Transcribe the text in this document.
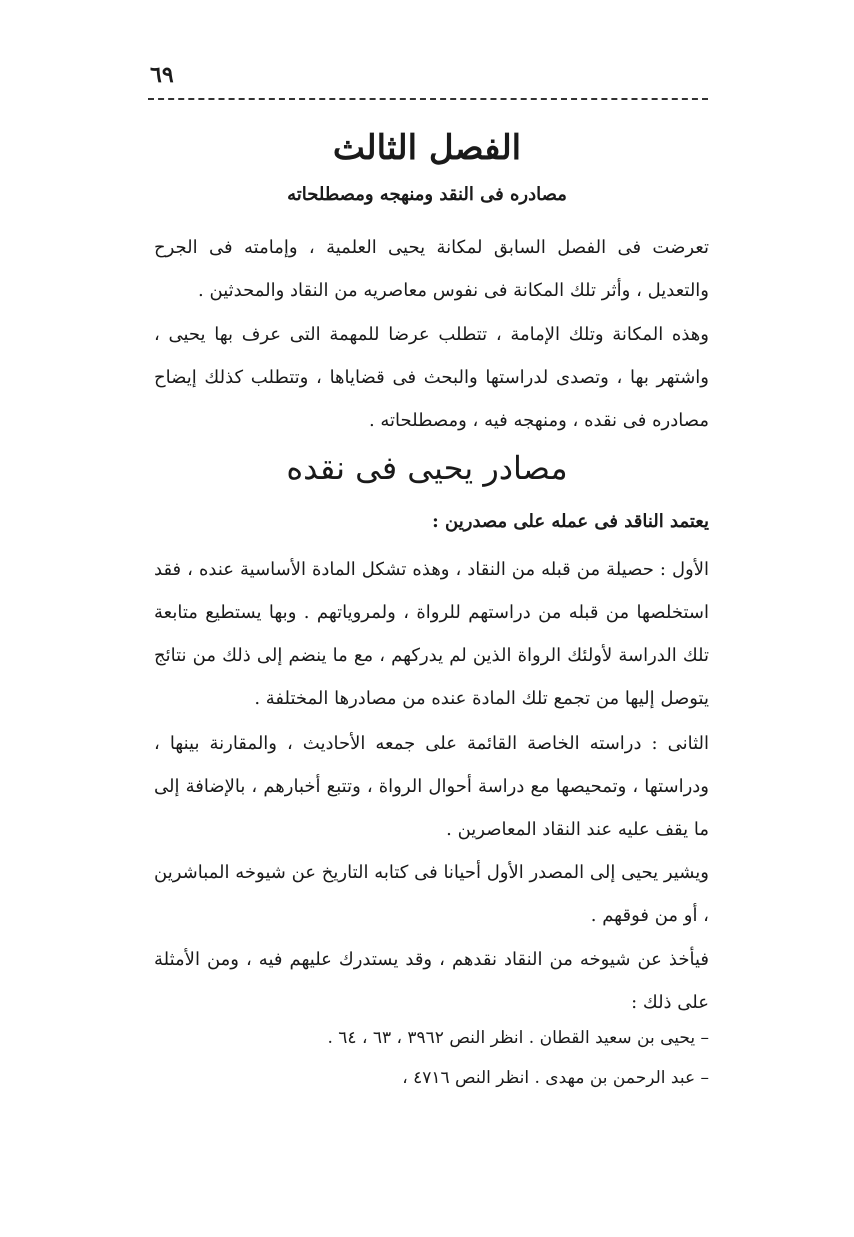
٦٩
الفصل الثالث
مصادره فى النقد ومنهجه ومصطلحاته

تعرضت فى الفصل السابق لمكانة يحيى العلمية ، وإمامته فى الجرح والتعديل ، وأثر تلك المكانة فى نفوس معاصريه من النقاد والمحدثين .

وهذه المكانة وتلك الإمامة ، تتطلب عرضا للمهمة التى عرف بها يحيى ، واشتهر بها ، وتصدى لدراستها والبحث فى قضاياها ، وتتطلب كذلك إيضاح مصادره فى نقده ، ومنهجه فيه ، ومصطلحاته .

مصادر يحيى فى نقده
يعتمد الناقد فى عمله على مصدرين :

الأول : حصيلة من قبله من النقاد ، وهذه تشكل المادة الأساسية عنده ، فقد استخلصها من قبله من دراستهم للرواة ، ولمروياتهم . وبها يستطيع متابعة تلك الدراسة لأولئك الرواة الذين لم يدركهم ، مع ما ينضم إلى ذلك من نتائج يتوصل إليها من تجمع تلك المادة عنده من مصادرها المختلفة .

الثانى : دراسته الخاصة القائمة على جمعه الأحاديث ، والمقارنة بينها ، ودراستها ، وتمحيصها مع دراسة أحوال الرواة ، وتتبع أخبارهم ، بالإضافة إلى ما يقف عليه عند النقاد المعاصرين .

ويشير يحيى إلى المصدر الأول أحيانا فى كتابه التاريخ عن شيوخه المباشرين ، أو من فوقهم .

فيأخذ عن شيوخه من النقاد نقدهم ، وقد يستدرك عليهم فيه ، ومن الأمثلة على ذلك :

– يحيى بن سعيد القطان . انظر النص ٣٩٦٢ ، ٦٣ ، ٦٤ .
– عبد الرحمن بن مهدى . انظر النص ٤٧١٦ ،
